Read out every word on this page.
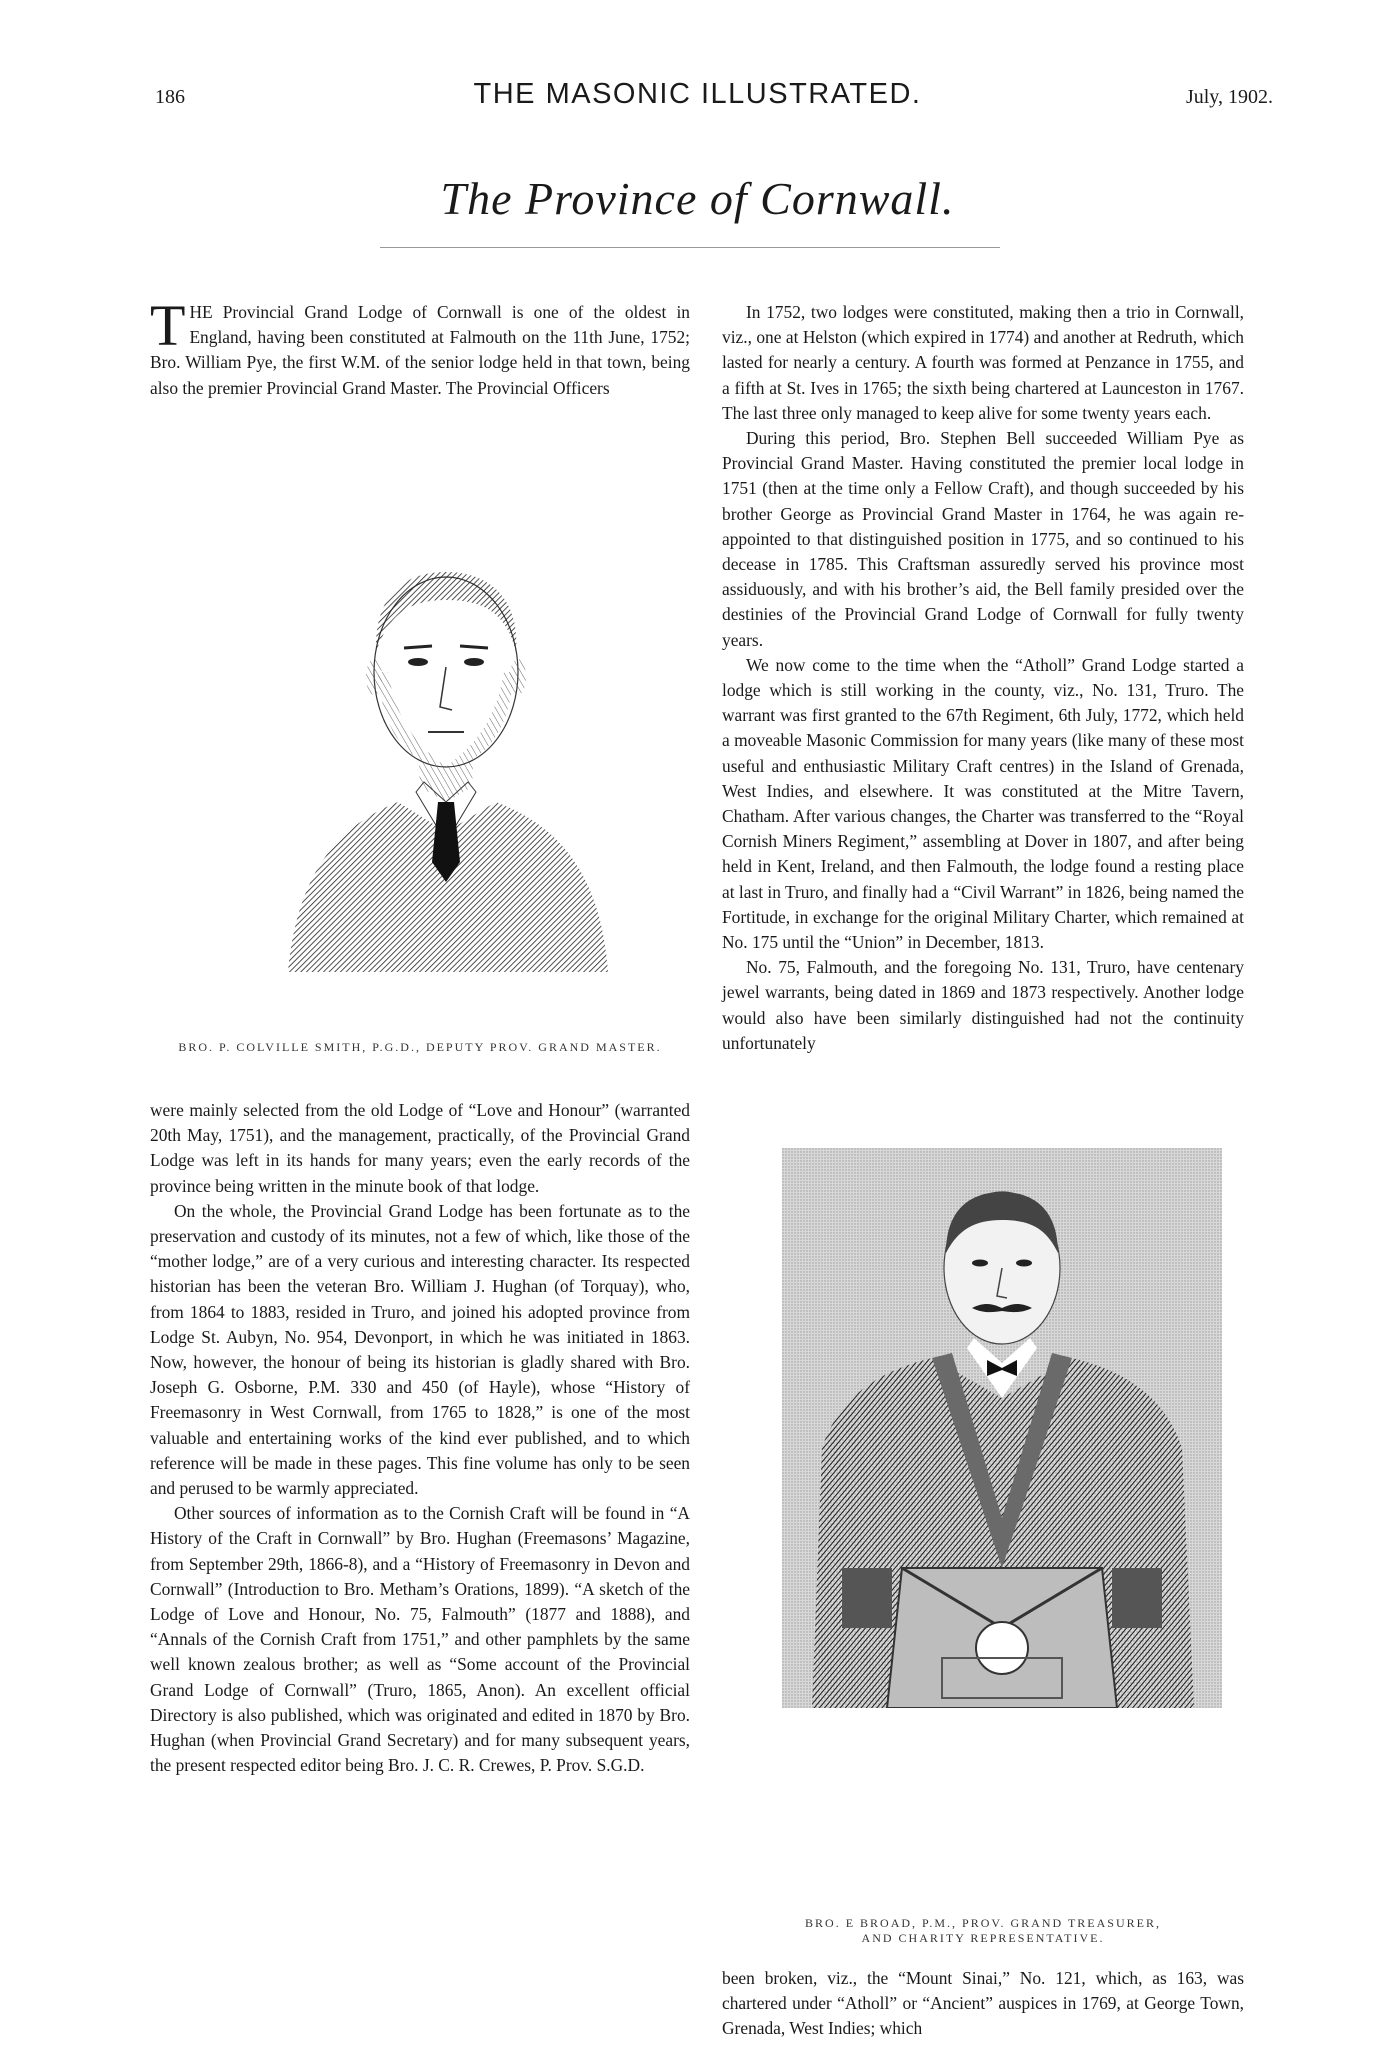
186	THE MASONIC ILLUSTRATED.	July, 1902.
The Province of Cornwall.

THE Provincial Grand Lodge of Cornwall is one of the oldest in England, having been constituted at Falmouth on the 11th June, 1752; Bro. William Pye, the first W.M. of the senior lodge held in that town, being also the premier Provincial Grand Master. The Provincial Officers

BRO. P. COLVILLE SMITH, P.G.D., DEPUTY PROV. GRAND MASTER.

were mainly selected from the old Lodge of “Love and Honour” (warranted 20th May, 1751), and the management, practically, of the Provincial Grand Lodge was left in its hands for many years; even the early records of the province being written in the minute book of that lodge.

On the whole, the Provincial Grand Lodge has been fortunate as to the preservation and custody of its minutes, not a few of which, like those of the “mother lodge,” are of a very curious and interesting character. Its respected historian has been the veteran Bro. William J. Hughan (of Torquay), who, from 1864 to 1883, resided in Truro, and joined his adopted province from Lodge St. Aubyn, No. 954, Devonport, in which he was initiated in 1863. Now, however, the honour of being its historian is gladly shared with Bro. Joseph G. Osborne, P.M. 330 and 450 (of Hayle), whose “History of Freemasonry in West Cornwall, from 1765 to 1828,” is one of the most valuable and entertaining works of the kind ever published, and to which reference will be made in these pages. This fine volume has only to be seen and perused to be warmly appreciated.

Other sources of information as to the Cornish Craft will be found in “A History of the Craft in Cornwall” by Bro. Hughan (Freemasons’ Magazine, from September 29th, 1866-8), and a “History of Freemasonry in Devon and Cornwall” (Introduction to Bro. Metham’s Orations, 1899). “A sketch of the Lodge of Love and Honour, No. 75, Falmouth” (1877 and 1888), and “Annals of the Cornish Craft from 1751,” and other pamphlets by the same well known zealous brother; as well as “Some account of the Provincial Grand Lodge of Cornwall” (Truro, 1865, Anon). An excellent official Directory is also published, which was originated and edited in 1870 by Bro. Hughan (when Provincial Grand Secretary) and for many subsequent years, the present respected editor being Bro. J. C. R. Crewes, P. Prov. S.G.D.

In 1752, two lodges were constituted, making then a trio in Cornwall, viz., one at Helston (which expired in 1774) and another at Redruth, which lasted for nearly a century. A fourth was formed at Penzance in 1755, and a fifth at St. Ives in 1765; the sixth being chartered at Launceston in 1767. The last three only managed to keep alive for some twenty years each.

During this period, Bro. Stephen Bell succeeded William Pye as Provincial Grand Master. Having constituted the premier local lodge in 1751 (then at the time only a Fellow Craft), and though succeeded by his brother George as Provincial Grand Master in 1764, he was again re-appointed to that distinguished position in 1775, and so continued to his decease in 1785. This Craftsman assuredly served his province most assiduously, and with his brother’s aid, the Bell family presided over the destinies of the Provincial Grand Lodge of Cornwall for fully twenty years.

We now come to the time when the “Atholl” Grand Lodge started a lodge which is still working in the county, viz., No. 131, Truro. The warrant was first granted to the 67th Regiment, 6th July, 1772, which held a moveable Masonic Commission for many years (like many of these most useful and enthusiastic Military Craft centres) in the Island of Grenada, West Indies, and elsewhere. It was constituted at the Mitre Tavern, Chatham. After various changes, the Charter was transferred to the “Royal Cornish Miners Regiment,” assembling at Dover in 1807, and after being held in Kent, Ireland, and then Falmouth, the lodge found a resting place at last in Truro, and finally had a “Civil Warrant” in 1826, being named the Fortitude, in exchange for the original Military Charter, which remained at No. 175 until the “Union” in December, 1813.

No. 75, Falmouth, and the foregoing No. 131, Truro, have centenary jewel warrants, being dated in 1869 and 1873 respectively. Another lodge would also have been similarly distinguished had not the continuity unfortunately

BRO. E BROAD, P.M., PROV. GRAND TREASURER,
AND CHARITY REPRESENTATIVE.

been broken, viz., the “Mount Sinai,” No. 121, which, as 163, was chartered under “Atholl” or “Ancient” auspices in 1769, at George Town, Grenada, West Indies; which
